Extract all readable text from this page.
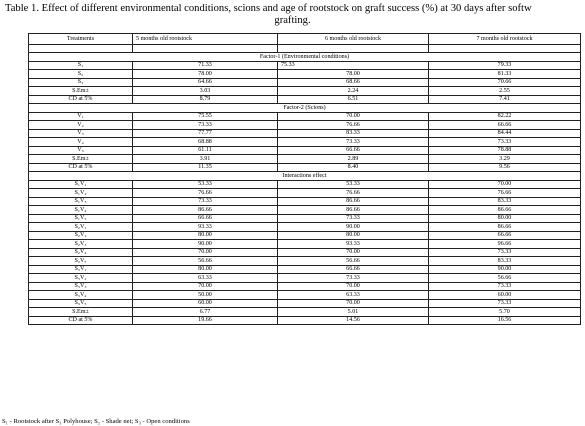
Table 1. Effect of different environmental conditions, scions and age of rootstock on graft success (%) at 30 days after softw
grafting.
Treatments	5 months old rootstock	6 months old rootstock	7 months old rootstock

Factor-1 (Environmental conditions)			
S₁	71.33	75.33	79.33
S₂	78.00	78.00	81.33
S₃	64.66	68.66	70.66
S.Em±	3.03	2.24	2.55
CD at 5%	8.79	6.51	7.41
Factor-2 (Scions)			
V₁	75.55	70.00	82.22
V₂	73.33	76.66	66.66
V₃	77.77	83.33	84.44
V₄	68.88	73.33	73.33
V₅	61.11	66.66	78.88
S.Em±	3.91	2.89	3.29
CD at 5%	11.35	8.40	9.56
Interactions effect			
S₁V₁	53.33	53.33	70.00
S₁V₂	76.66	76.66	76.66
S₁V₃	73.33	86.66	83.33
S₁V₄	86.66	86.66	86.66
S₁V₅	66.66	73.33	80.00
S₂V₁	93.33	90.00	86.66
S₂V₂	80.00	80.00	66.66
S₂V₃	90.00	93.33	96.66
S₂V₄	70.00	70.00	73.33
S₂V₅	56.66	56.66	83.33
S₃V₁	80.00	66.66	90.00
S₃V₂	63.33	73.33	56.66
S₃V₃	70.00	70.00	73.33
S₃V₄	50.00	63.33	60.00
S₃V₅	60.00	70.00	73.33
S.Em±	6.77	5.01	5.70
CD at 5%	19.66	14.56	16.56
S₁ - Rootstock after S₁ Polyhouse; S₂ - Shade net; S₃ - Open conditions
